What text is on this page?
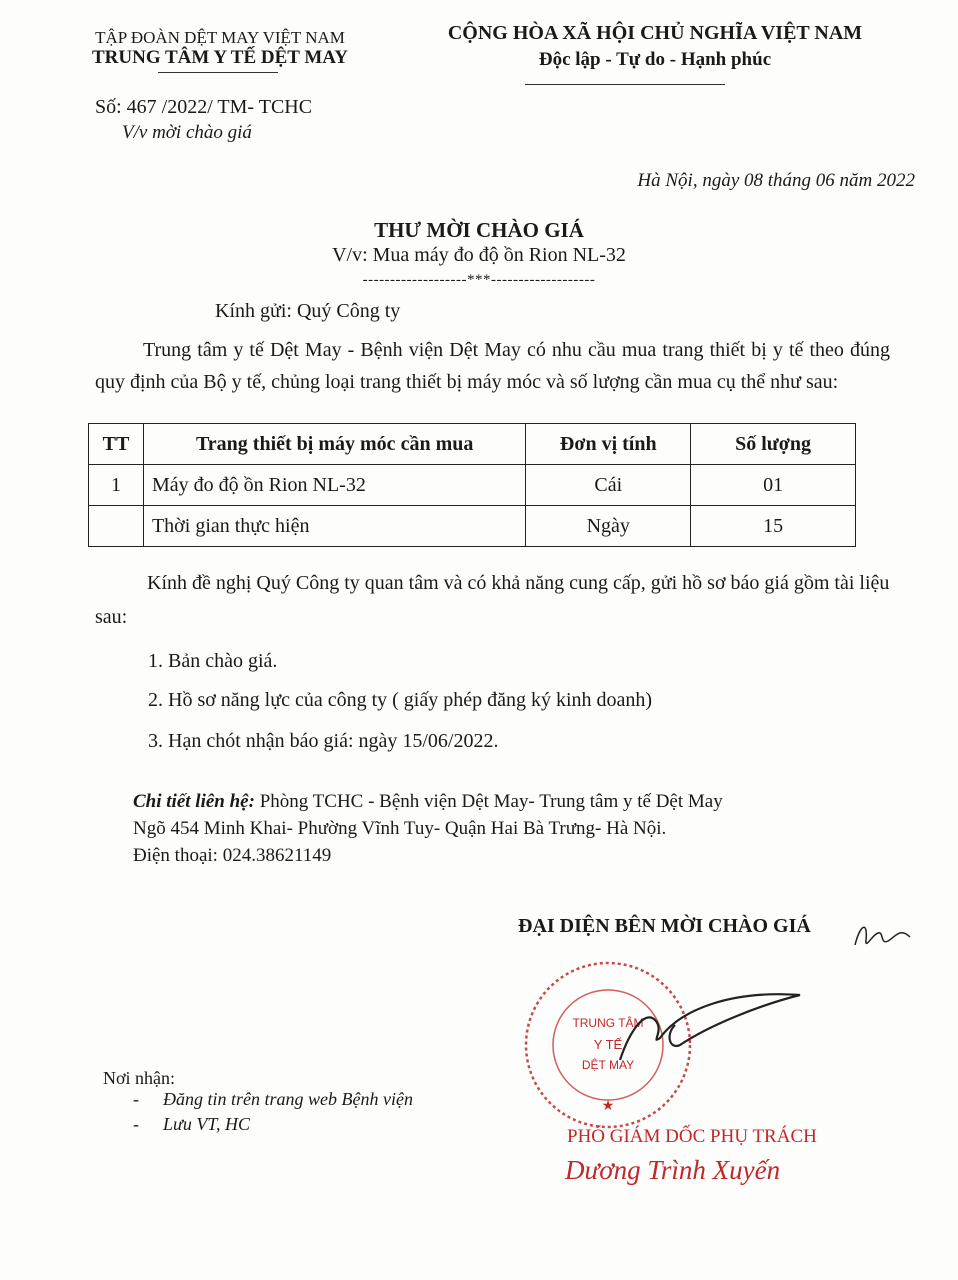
TẬP ĐOÀN DỆT MAY VIỆT NAM
TRUNG TÂM Y TẾ DỆT MAY
CỘNG HÒA XÃ HỘI CHỦ NGHĨA VIỆT NAM
Độc lập - Tự do - Hạnh phúc
Số: 467 /2022/ TM- TCHC
V/v mời chào giá
Hà Nội, ngày 08 tháng 06 năm 2022
THƯ MỜI CHÀO GIÁ
V/v: Mua máy đo độ ồn Rion NL-32
-------------------***-------------------
Kính gửi: Quý Công ty
Trung tâm y tế Dệt May - Bệnh viện Dệt May có nhu cầu mua trang thiết bị y tế theo đúng quy định của Bộ y tế, chủng loại trang thiết bị máy móc và số lượng cần mua cụ thể như sau:
TT	Trang thiết bị máy móc cần mua	Đơn vị tính	Số lượng
1	Máy đo độ ồn Rion NL-32	Cái	01
	Thời gian thực hiện	Ngày	15
Kính đề nghị Quý Công ty quan tâm và có khả năng cung cấp, gửi hồ sơ báo giá gồm tài liệu sau:
1. Bản chào giá.
2. Hồ sơ năng lực của công ty ( giấy phép đăng ký kinh doanh)
3. Hạn chót nhận báo giá: ngày 15/06/2022.
Chi tiết liên hệ: Phòng TCHC - Bệnh viện Dệt May- Trung tâm y tế Dệt May
Ngõ 454 Minh Khai- Phường Vĩnh Tuy- Quận Hai Bà Trưng- Hà Nội.
Điện thoại: 024.38621149
ĐẠI DIỆN BÊN MỜI CHÀO GIÁ
TRUNG TÂM
Y TẾ
DỆT MAY
★
PHÓ GIÁM DỐC PHỤ TRÁCH
Dương Trình Xuyến
Nơi nhận:
- Đăng tin trên trang web Bệnh viện
- Lưu VT, HC
